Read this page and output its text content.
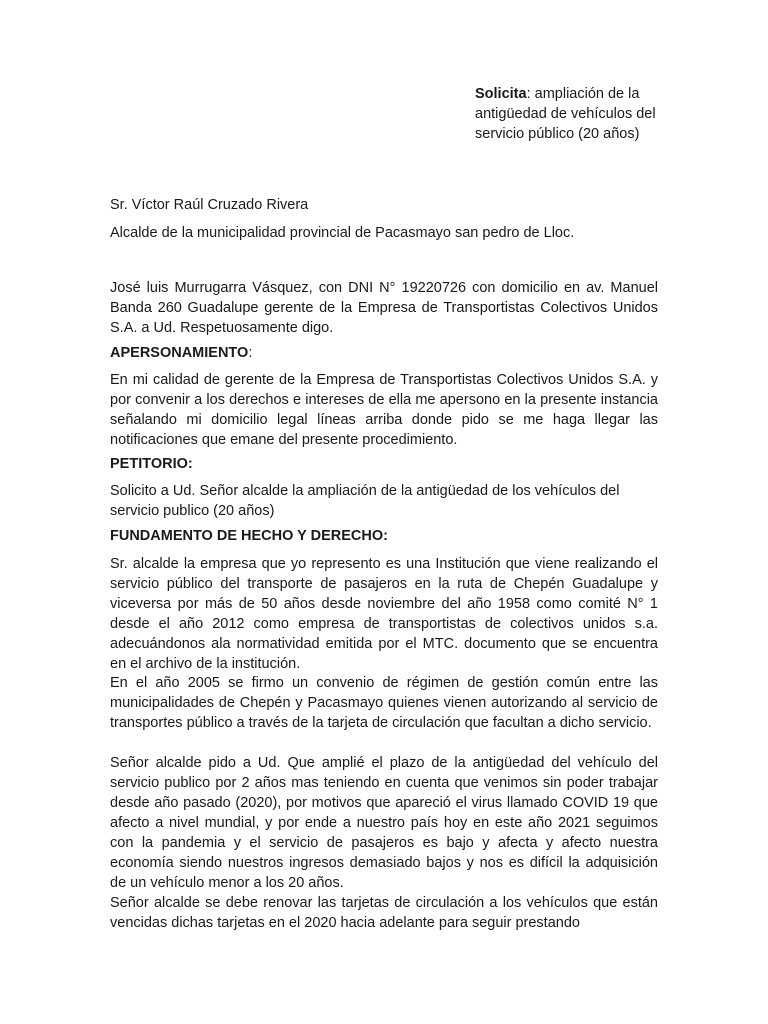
Solicita: ampliación de la antigüedad de vehículos del servicio público (20 años)
Sr. Víctor Raúl Cruzado Rivera
Alcalde de la municipalidad provincial de Pacasmayo san pedro de Lloc.
José luis Murrugarra Vásquez, con DNI N° 19220726 con domicilio en av. Manuel Banda 260 Guadalupe gerente de la Empresa de Transportistas Colectivos Unidos S.A. a Ud. Respetuosamente digo.
APERSONAMIENTO:
En mi calidad de gerente de la Empresa de Transportistas Colectivos Unidos S.A. y por convenir a los derechos e intereses de ella me apersono en la presente instancia señalando mi domicilio legal líneas arriba donde pido se me haga llegar las notificaciones que emane del presente procedimiento.
PETITORIO:
Solicito a Ud. Señor alcalde la ampliación de la antigüedad de los vehículos del servicio publico (20 años)
FUNDAMENTO DE HECHO Y DERECHO:
Sr. alcalde la empresa que yo represento es una Institución que viene realizando el servicio público del transporte de pasajeros en la ruta de Chepén Guadalupe y viceversa por más de 50 años desde noviembre del año 1958 como comité N° 1 desde el año 2012 como empresa de transportistas de colectivos unidos s.a. adecuándonos ala normatividad emitida por el MTC. documento que se encuentra en el archivo de la institución.
En el año 2005 se firmo un convenio de régimen de gestión común entre las municipalidades de Chepén y Pacasmayo quienes vienen autorizando al servicio de transportes público a través de la tarjeta de circulación que facultan a dicho servicio.
Señor alcalde pido a Ud. Que amplié el plazo de la antigüedad del vehículo del servicio publico por 2 años mas teniendo en cuenta que venimos sin poder trabajar desde año pasado (2020), por motivos que apareció el virus llamado COVID 19 que afecto a nivel mundial, y por ende a nuestro país hoy en este año 2021 seguimos con la pandemia y el servicio de pasajeros es bajo y afecta y afecto nuestra economía siendo nuestros ingresos demasiado bajos y nos es difícil la adquisición de un vehículo menor a los 20 años.
Señor alcalde se debe renovar las tarjetas de circulación a los vehículos que están vencidas dichas tarjetas en el 2020 hacia adelante para seguir prestando
